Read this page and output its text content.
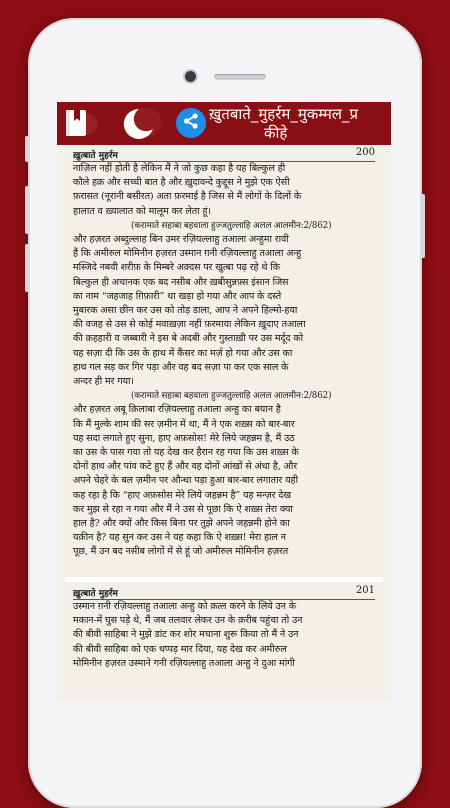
ख़ुतबाते_मुहर्रम_मुकम्मल_प्र
कीहे
ख़ुत्बाते मुहर्रम	200
नाज़िल नहीं होती है लेकिन मैं ने जो कुछ कहा है यह बिल्कुल ही
कौले हक़ और सच्ची बात है और ख़ुदावन्दे कुद्दूस ने मुझे एक ऐसी
फ़रासत (नूरानी बसीरत) अता फ़रमाई है जिस से मैं लोगों के दिलों के
हालात व ख़्यालात को मालूम कर लेता हूं।
(करामाते सहाबा बहवाला हुज्जतुल्लाहि अलल आलमीन:2/862)
और हज़रत अब्दुल्लाह बिन उमर रज़ियल्लाहु तआला अन्हुमा रावी
हैं कि अमीरुल मोमिनीन हज़रत उस्मान ग़नी रज़ियल्लाहु तआला अन्हु
मस्जिदे नबवी शरीफ़ के मिम्बरे अक़्दस पर खुत्बा पढ़ रहे थे कि
बिल्कुल ही अचानक एक बद नसीब और ख़बीसुन्नफ़्स इंसान जिस
का नाम “जहजाह ग़िफ़ारी” था खड़ा हो गया और आप के दस्ते
मुबारक असा छीन कर उस को तोड़ डाला, आप ने अपने हिल्मो-हया
की वजह से उस से कोई मवाख़ज़ा नहीं फ़रमाया लेकिन ख़ुदाए तआला
की क़हहारी व जब्बारी ने इस बे अदबी और गुस्ताख़ी पर उस मर्दूद को
यह सज़ा दी कि उस के हाथ में कैंसर का मर्ज़ हो गया और उस का
हाथ गल सड़ कर गिर पड़ा और वह बद सज़ा पा कर एक साल के
अन्दर ही मर गया।
(करामाते सहाबा बहवाला हुज्जतुल्लाहि अलल आलमीन:2/862)
और हज़रत अबू क़िलाबा रज़ियल्लाहु तआला अन्हु का बयान है
कि मैं मुल्के शाम की सर ज़मीन में था, मैं ने एक शख़्स को बार-बार
यह सदा लगाते हुए सुना, हाए अफ़सोस! मेरे लिये जहन्नम है, मैं उठ
का उस के पास गया तो यह देख कर हैरान रह गया कि उस शख़्स के
दोनों हाथ और पांव कटे हुए हैं और वह दोनों आंखों से अंधा है, और
अपने चेहरे के बल ज़मीन पर औन्धा पड़ा हुआ बार-बार लगातार यही
कह रहा है कि “हाए अफ़सोस मेरे लिये जहन्नम है” यह मन्ज़र देख
कर मुझ से रहा न गया और मैं ने उस से पूछा कि ऐ शख़्स तेरा क्या
हाल है? और क्यों और किस बिना पर तुझे अपने जहन्नमी होने का
यक़ीन है? यह सुन कर उस ने यह कहा कि ऐ शख़्स! मेरा हाल न
पूछ, मैं उन बद नसीब लोगों में से हूं जो अमीरुल मोमिनीन हज़रत
ख़ुत्बाते मुहर्रम	201
उस्मान ग़नी रज़ियल्लाहु तआला अन्हु को क़त्ल करने के लिये उन के
मकान-में घुस पड़े थे, मैं जब तलवार लेकर उन के क़रीब पहुंचा तो उन
की बीवी साहिबा ने मुझे डांट कर शोर मचाना शुरू किया तो मैं ने उन
की बीवी साहिबा को एक थप्पड़ मार दिया, यह देख कर अमीरुल
मोमिनीन हज़रत उस्माने गनी रज़ियल्लाहु तआला अन्हु ने दुआ मांगी
